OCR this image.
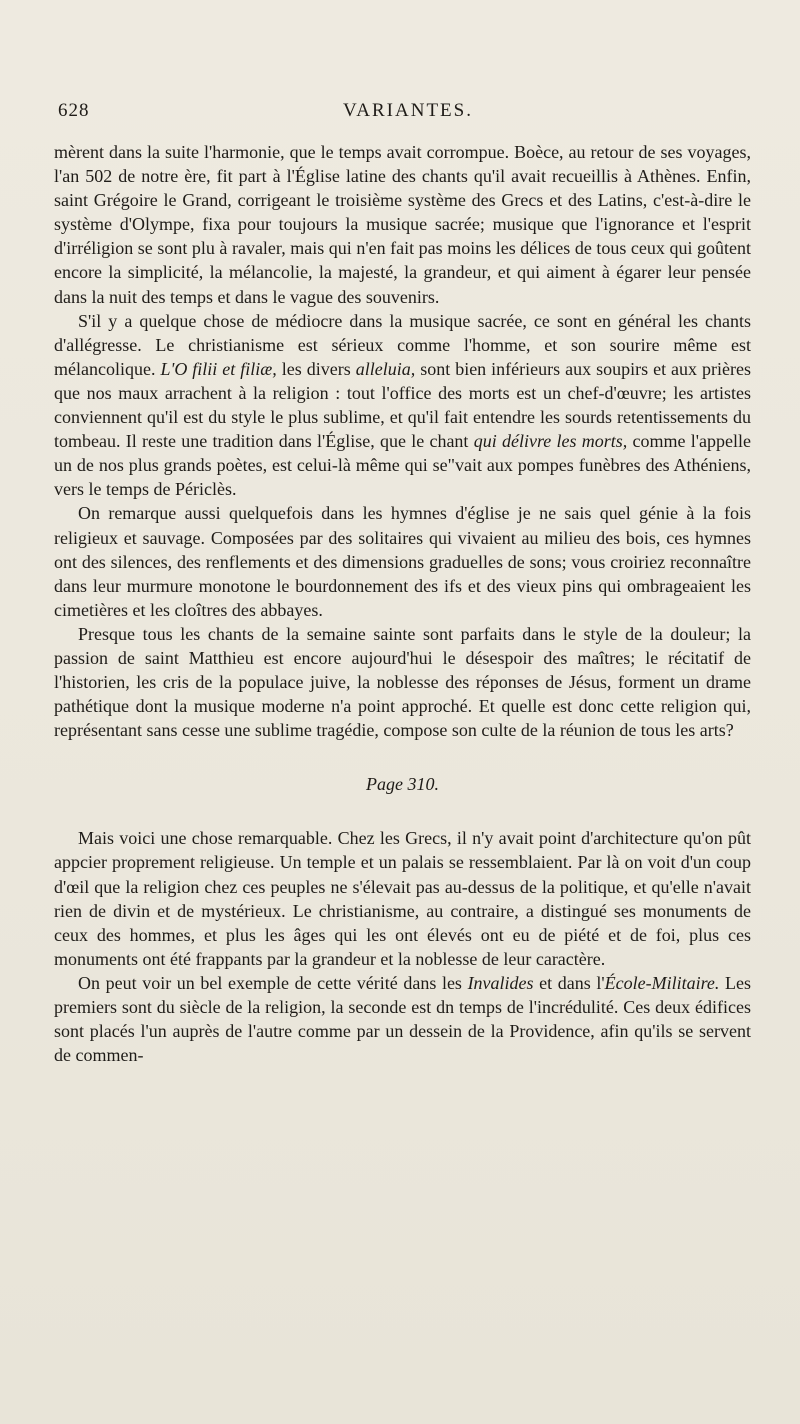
628	VARIANTES.

mèrent dans la suite l'harmonie, que le temps avait corrompue. Boèce, au retour de ses voyages, l'an 502 de notre ère, fit part à l'Église latine des chants qu'il avait recueillis à Athènes. Enfin, saint Grégoire le Grand, corrigeant le troisième système des Grecs et des Latins, c'est-à-dire le système d'Olympe, fixa pour toujours la musique sacrée; musique que l'ignorance et l'esprit d'irréligion se sont plu à ravaler, mais qui n'en fait pas moins les délices de tous ceux qui goûtent encore la simplicité, la mélancolie, la majesté, la grandeur, et qui aiment à égarer leur pensée dans la nuit des temps et dans le vague des souvenirs.

S'il y a quelque chose de médiocre dans la musique sacrée, ce sont en général les chants d'allégresse. Le christianisme est sérieux comme l'homme, et son sourire même est mélancolique. L'O filii et filiæ, les divers alleluia, sont bien inférieurs aux soupirs et aux prières que nos maux arrachent à la religion : tout l'office des morts est un chef-d'œuvre; les artistes conviennent qu'il est du style le plus sublime, et qu'il fait entendre les sourds retentissements du tombeau. Il reste une tradition dans l'Église, que le chant qui délivre les morts, comme l'appelle un de nos plus grands poètes, est celui-là même qui se"vait aux pompes funèbres des Athéniens, vers le temps de Périclès.

On remarque aussi quelquefois dans les hymnes d'église je ne sais quel génie à la fois religieux et sauvage. Composées par des solitaires qui vivaient au milieu des bois, ces hymnes ont des silences, des renflements et des dimensions graduelles de sons; vous croiriez reconnaître dans leur murmure monotone le bourdonnement des ifs et des vieux pins qui ombrageaient les cimetières et les cloîtres des abbayes.

Presque tous les chants de la semaine sainte sont parfaits dans le style de la douleur; la passion de saint Matthieu est encore aujourd'hui le désespoir des maîtres; le récitatif de l'historien, les cris de la populace juive, la noblesse des réponses de Jésus, forment un drame pathétique dont la musique moderne n'a point approché. Et quelle est donc cette religion qui, représentant sans cesse une sublime tragédie, compose son culte de la réunion de tous les arts?

Page 310.

Mais voici une chose remarquable. Chez les Grecs, il n'y avait point d'architecture qu'on pût appcier proprement religieuse. Un temple et un palais se ressemblaient. Par là on voit d'un coup d'œil que la religion chez ces peuples ne s'élevait pas au-dessus de la politique, et qu'elle n'avait rien de divin et de mystérieux. Le christianisme, au contraire, a distingué ses monuments de ceux des hommes, et plus les âges qui les ont élevés ont eu de piété et de foi, plus ces monuments ont été frappants par la grandeur et la noblesse de leur caractère.

On peut voir un bel exemple de cette vérité dans les Invalides et dans l'École-Militaire. Les premiers sont du siècle de la religion, la seconde est dn temps de l'incrédulité. Ces deux édifices sont placés l'un auprès de l'autre comme par un dessein de la Providence, afin qu'ils se servent de commen-
